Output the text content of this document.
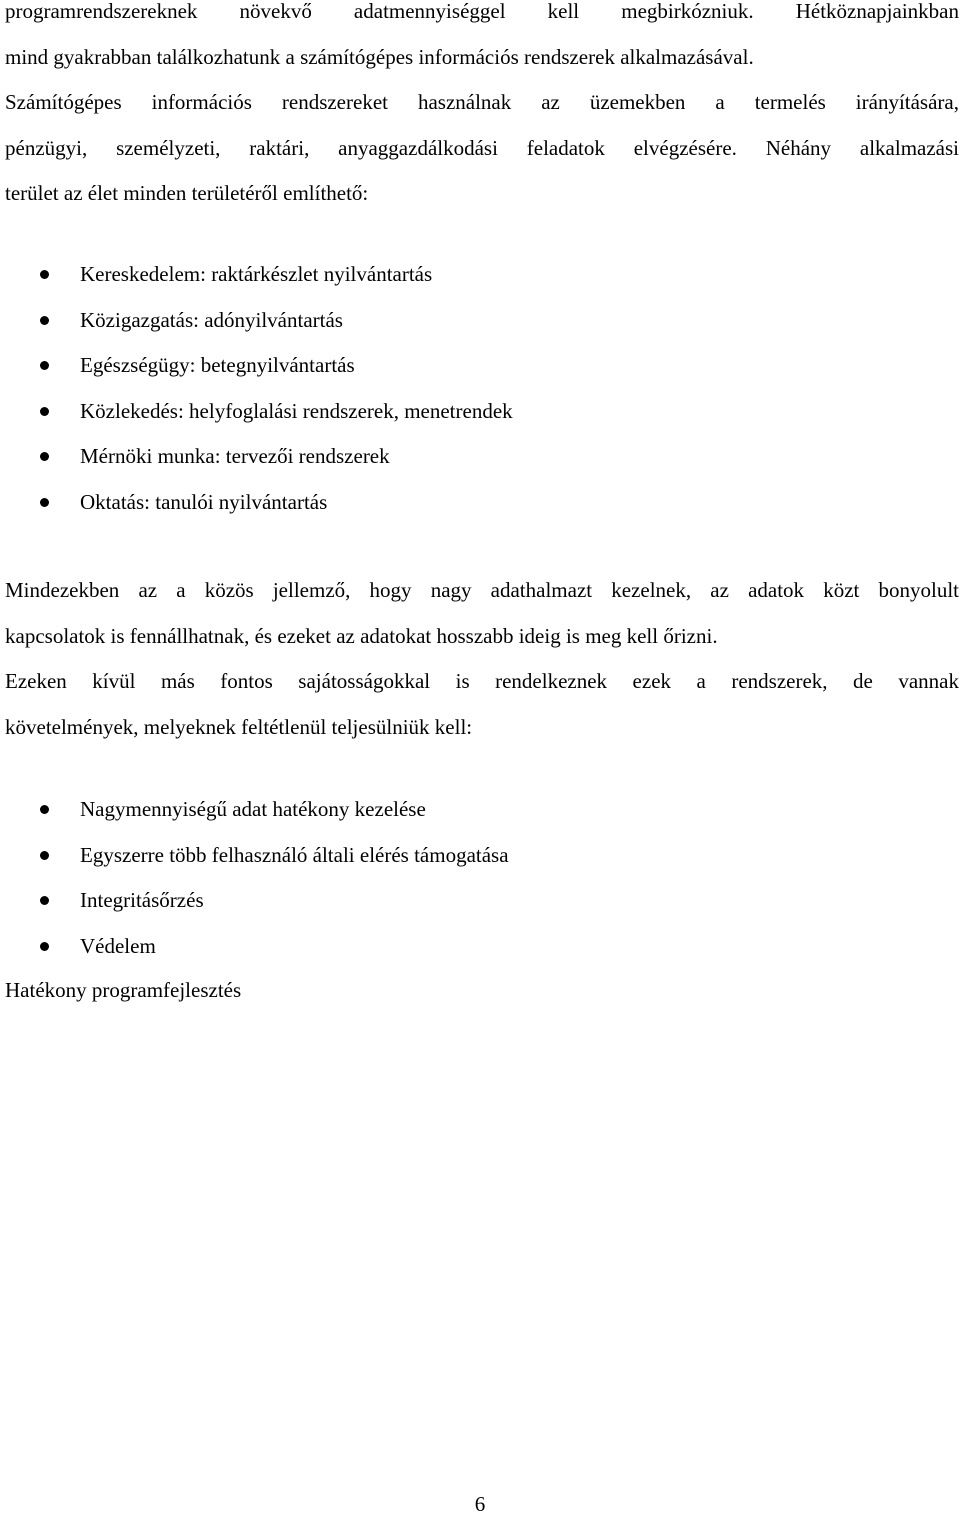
programrendszereknek növekvő adatmennyiséggel kell megbirkózniuk. Hétköznapjainkban
mind gyakrabban találkozhatunk a számítógépes információs rendszerek alkalmazásával.
Számítógépes információs rendszereket használnak az üzemekben a termelés irányítására,
pénzügyi, személyzeti, raktári, anyaggazdálkodási feladatok elvégzésére. Néhány alkalmazási
terület az élet minden területéről említhető:
Kereskedelem: raktárkészlet nyilvántartás
Közigazgatás: adónyilvántartás
Egészségügy: betegnyilvántartás
Közlekedés: helyfoglalási rendszerek, menetrendek
Mérnöki munka: tervezői rendszerek
Oktatás: tanulói nyilvántartás
Mindezekben az a közös jellemző, hogy nagy adathalmazt kezelnek, az adatok közt bonyolult
kapcsolatok is fennállhatnak, és ezeket az adatokat hosszabb ideig is meg kell őrizni.
Ezeken kívül más fontos sajátosságokkal is rendelkeznek ezek a rendszerek, de vannak
követelmények, melyeknek feltétlenül teljesülniük kell:
Nagymennyiségű adat hatékony kezelése
Egyszerre több felhasználó általi elérés támogatása
Integritásőrzés
Védelem
Hatékony programfejlesztés
6
